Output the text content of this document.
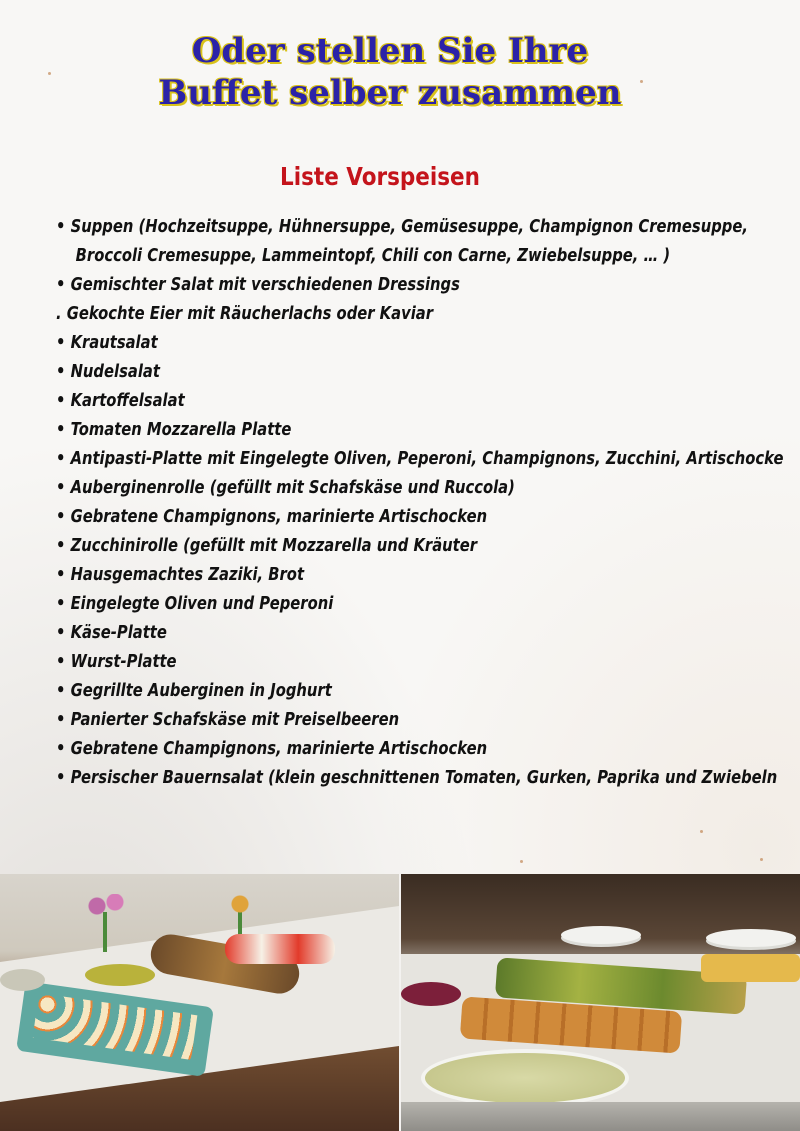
Oder stellen Sie Ihre
Buffet selber zusammen
Liste Vorspeisen
• Suppen (Hochzeitsuppe, Hühnersuppe, Gemüsesuppe, Champignon Cremesuppe,
Broccoli Cremesuppe, Lammeintopf, Chili con Carne, Zwiebelsuppe, … )
• Gemischter Salat mit verschiedenen Dressings
. Gekochte Eier mit Räucherlachs oder Kaviar
• Krautsalat
• Nudelsalat
• Kartoffelsalat
• Tomaten Mozzarella Platte
• Antipasti-Platte mit Eingelegte Oliven, Peperoni, Champignons, Zucchini, Artischocke
• Auberginenrolle (gefüllt mit Schafskäse und Ruccola)
• Gebratene Champignons, marinierte Artischocken
• Zucchinirolle (gefüllt mit Mozzarella und Kräuter
• Hausgemachtes Zaziki, Brot
• Eingelegte Oliven und Peperoni
• Käse-Platte
• Wurst-Platte
• Gegrillte Auberginen in Joghurt
• Panierter Schafskäse mit Preiselbeeren
• Gebratene Champignons, marinierte Artischocken
• Persischer Bauernsalat (klein geschnittenen Tomaten, Gurken, Paprika und Zwiebeln
